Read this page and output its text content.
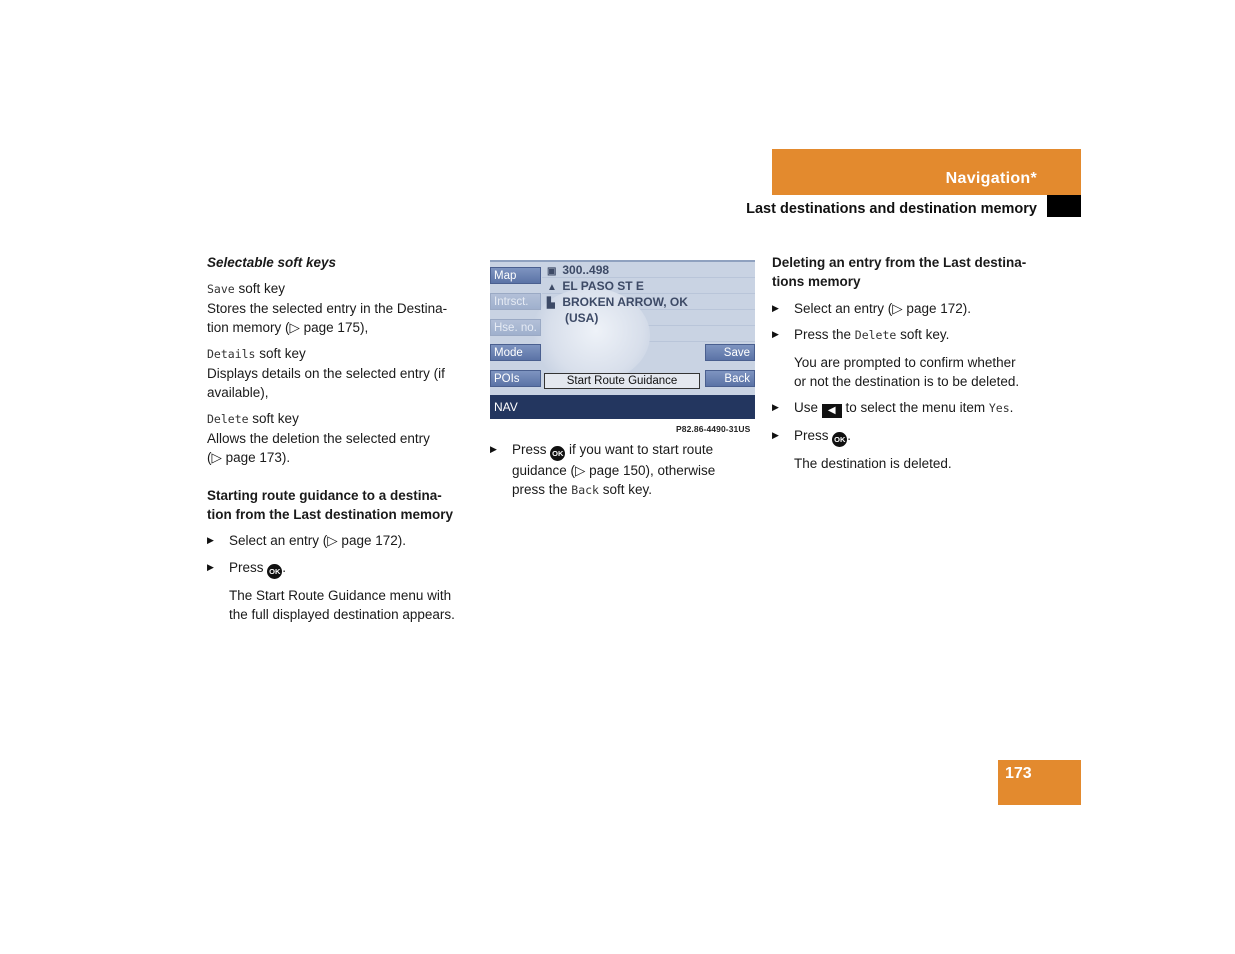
Navigation*
Last destinations and destination memory

Selectable soft keys

Save soft key

Stores the selected entry in the Destina-

tion memory (▷ page 175),

Details soft key

Displays details on the selected entry (if

available),

Delete soft key

Allows the deletion the selected entry

(▷ page 173).

Starting route guidance to a destina-

tion from the Last destination memory

▶ Select an entry (▷ page 172).

▶ Press OK .

The Start Route Guidance menu with

the full displayed destination appears.

Map
Intrsct.
Hse. no.
Mode
POIs
Save
Back
▣ 300..498
▲ EL PASO ST E
▙ BROKEN ARROW, OK
(USA)
Start Route Guidance
NAV
P82.86-4490-31US

▶ Press OK if you want to start route

guidance (▷ page 150), otherwise

press the Back soft key.

Deleting an entry from the Last destina-

tions memory

▶ Select an entry (▷ page 172).

▶ Press the Delete soft key.

You are prompted to confirm whether

or not the destination is to be deleted.

▶ Use ◀ to select the menu item Yes.

▶ Press OK .

The destination is deleted.

173
